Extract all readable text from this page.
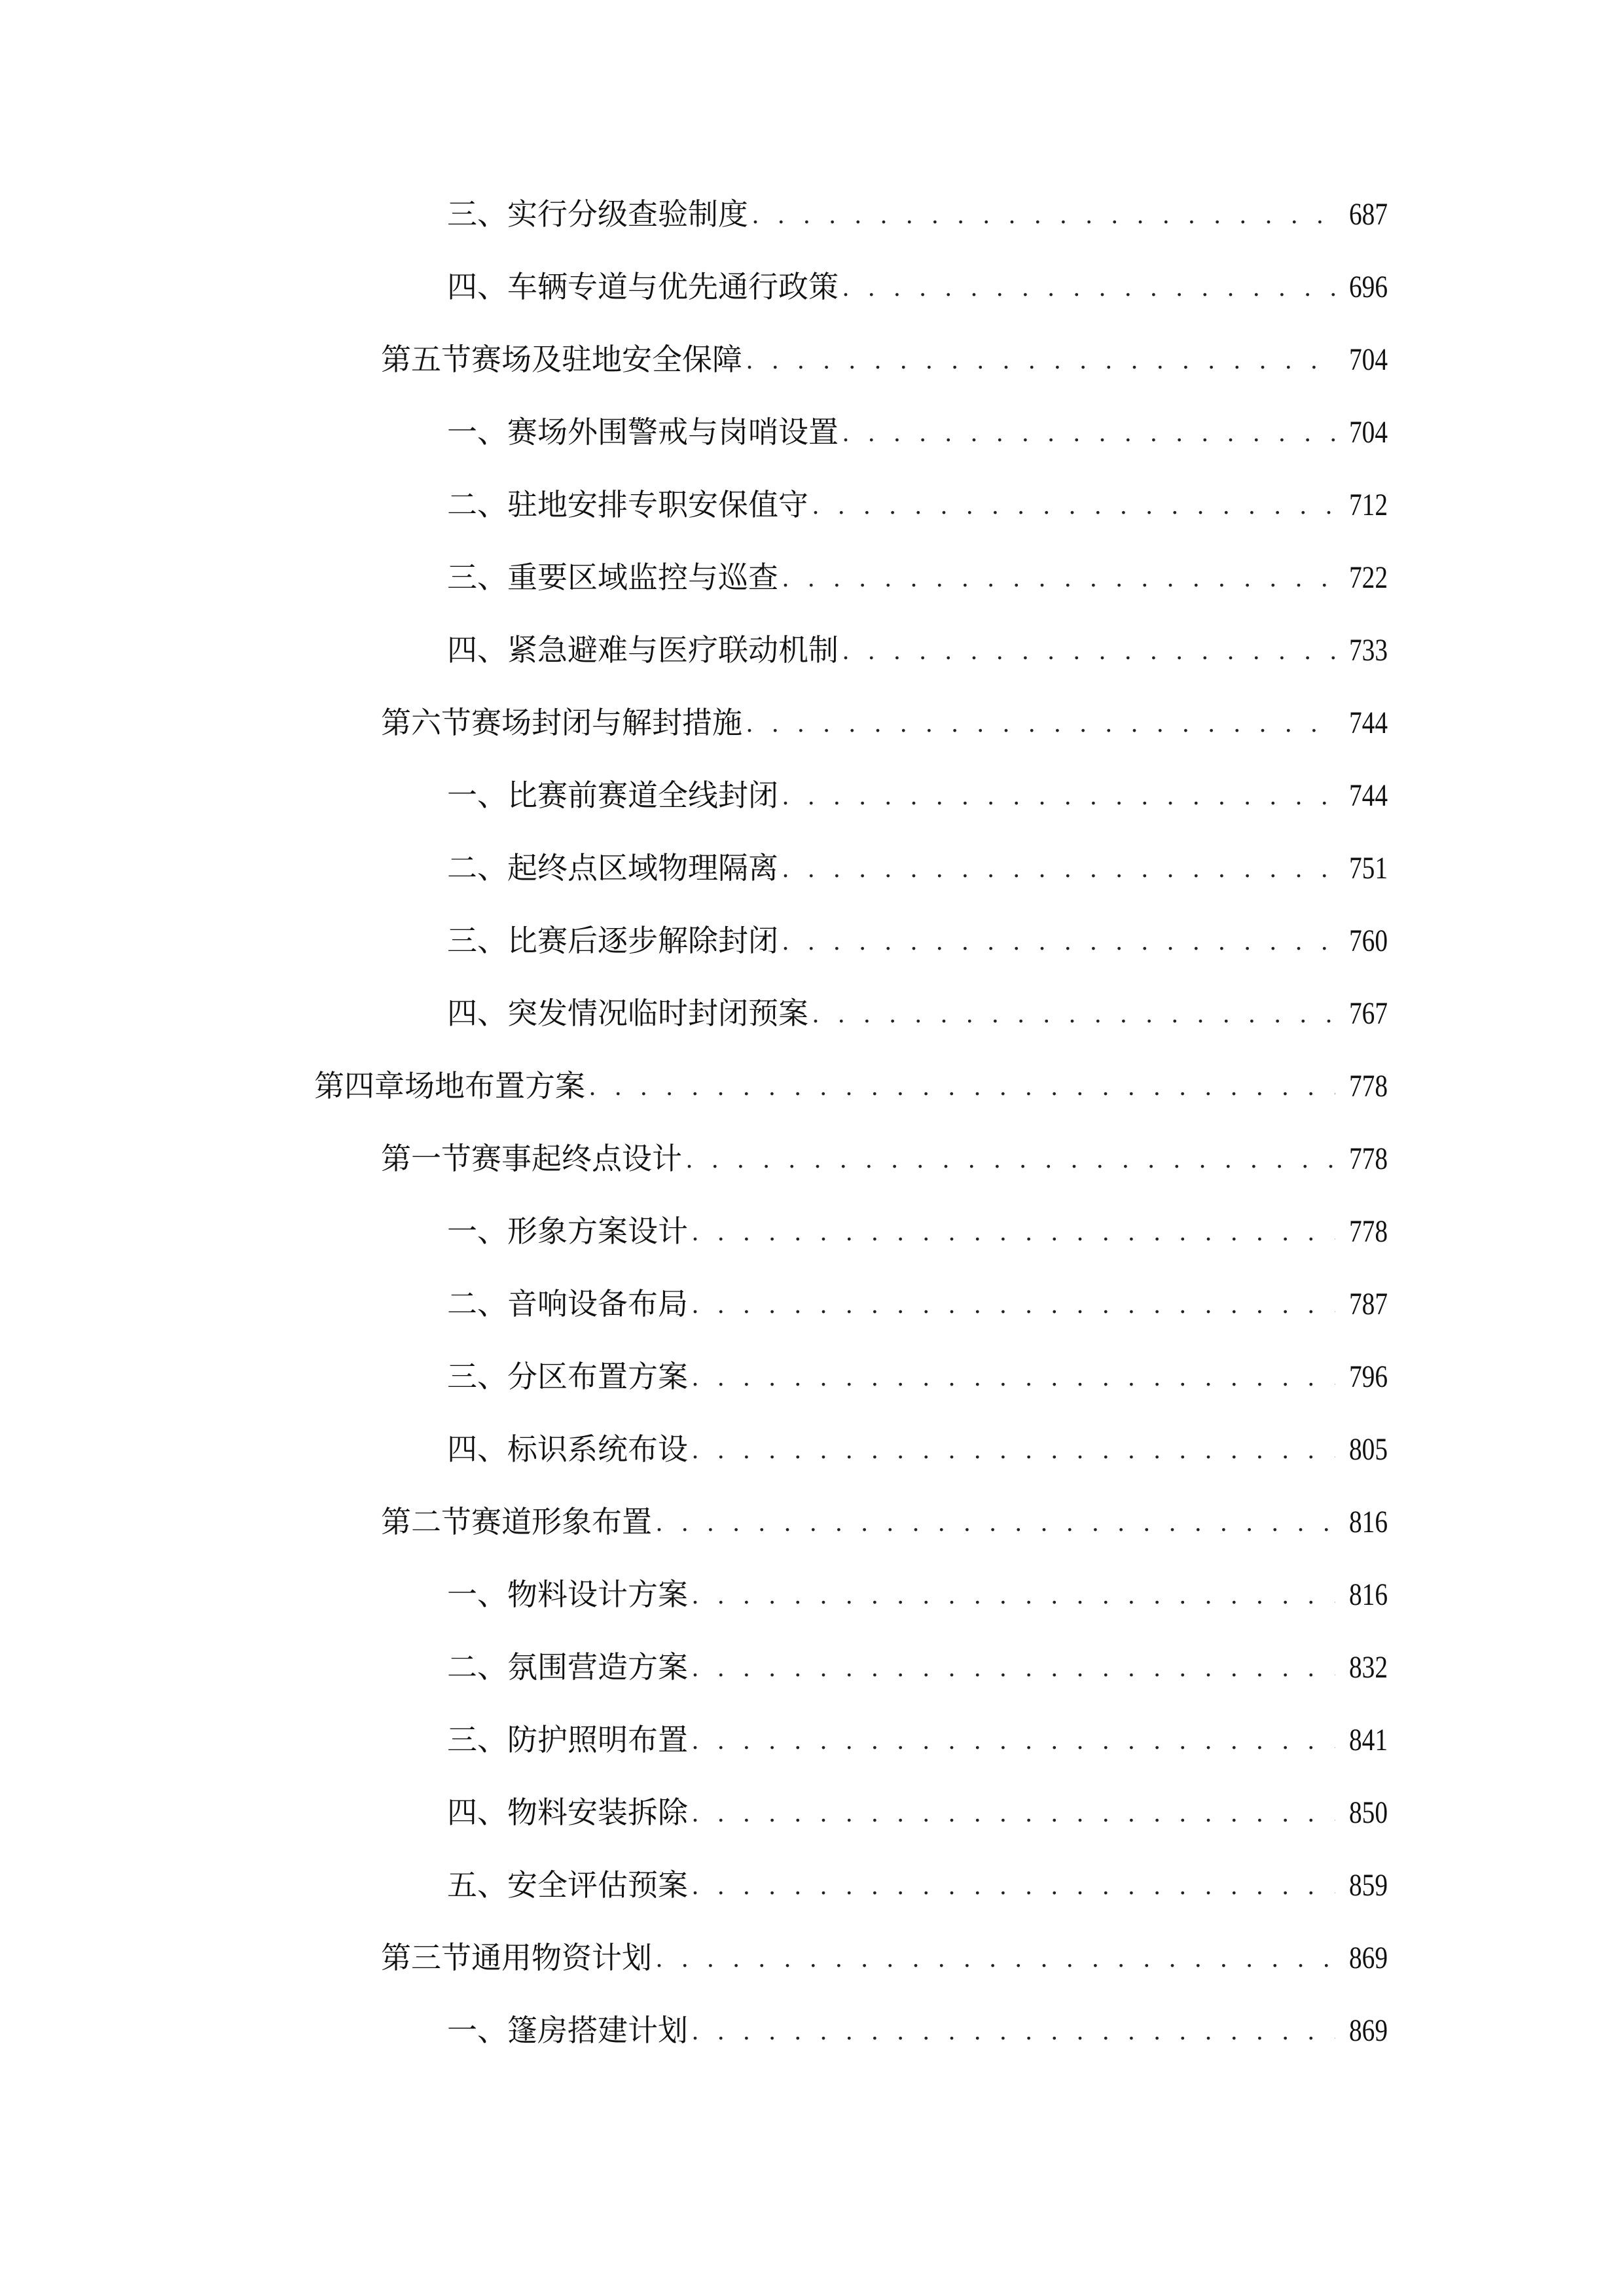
三、 实行分级查验制度 . . .	687
四、 车辆专道与优先通行政策 . . .	696
第五节 赛场及驻地安全保障 . . .	704
一、 赛场外围警戒与岗哨设置 . . .	704
二、 驻地安排专职安保值守 . . .	712
三、 重要区域监控与巡查 . . .	722
四、 紧急避难与医疗联动机制 . . .	733
第六节 赛场封闭与解封措施 . . .	744
一、 比赛前赛道全线封闭 . . .	744
二、 起终点区域物理隔离 . . .	751
三、 比赛后逐步解除封闭 . . .	760
四、 突发情况临时封闭预案 . . .	767
第四章 场地布置方案 . . .	778
第一节 赛事起终点设计 . . .	778
一、 形象方案设计 . . .	778
二、 音响设备布局 . . .	787
三、 分区布置方案 . . .	796
四、 标识系统布设 . . .	805
第二节 赛道形象布置 . . .	816
一、 物料设计方案 . . .	816
二、 氛围营造方案 . . .	832
三、 防护照明布置 . . .	841
四、 物料安装拆除 . . .	850
五、 安全评估预案 . . .	859
第三节 通用物资计划 . . .	869
一、 篷房搭建计划 . . .	869
